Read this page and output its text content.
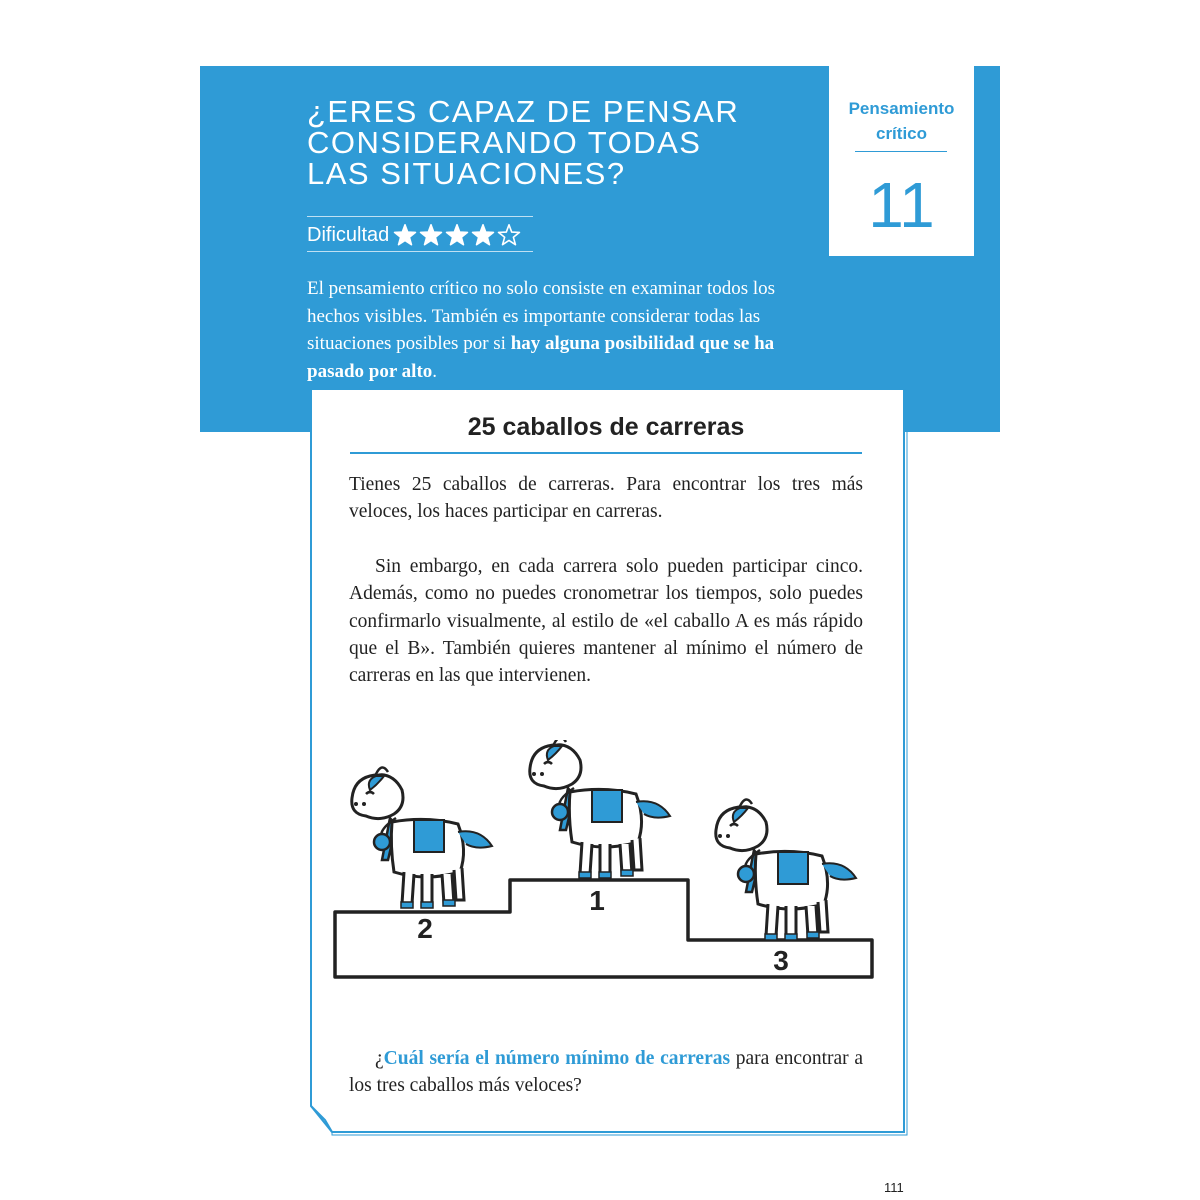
¿ERES CAPAZ DE PENSAR
CONSIDERANDO TODAS
LAS SITUACIONES?
Dificultad

El pensamiento crítico no solo consiste en examinar todos los hechos visibles. También es importante considerar todas las situaciones posibles por si hay alguna posibilidad que se ha pasado por alto.

Pensamiento
crítico
11
25 caballos de carreras

Tienes 25 caballos de carreras. Para encontrar los tres más veloces, los haces participar en carreras.

Sin embargo, en cada carrera solo pueden participar cinco. Además, como no puedes cronometrar los tiempos, solo puedes confirmarlo visualmente, al estilo de «el caballo A es más rápido que el B». También quieres mantener al mínimo el número de carreras en las que intervienen.

2
1
3

¿Cuál sería el número mínimo de carreras para encontrar a los tres caballos más veloces?

111
